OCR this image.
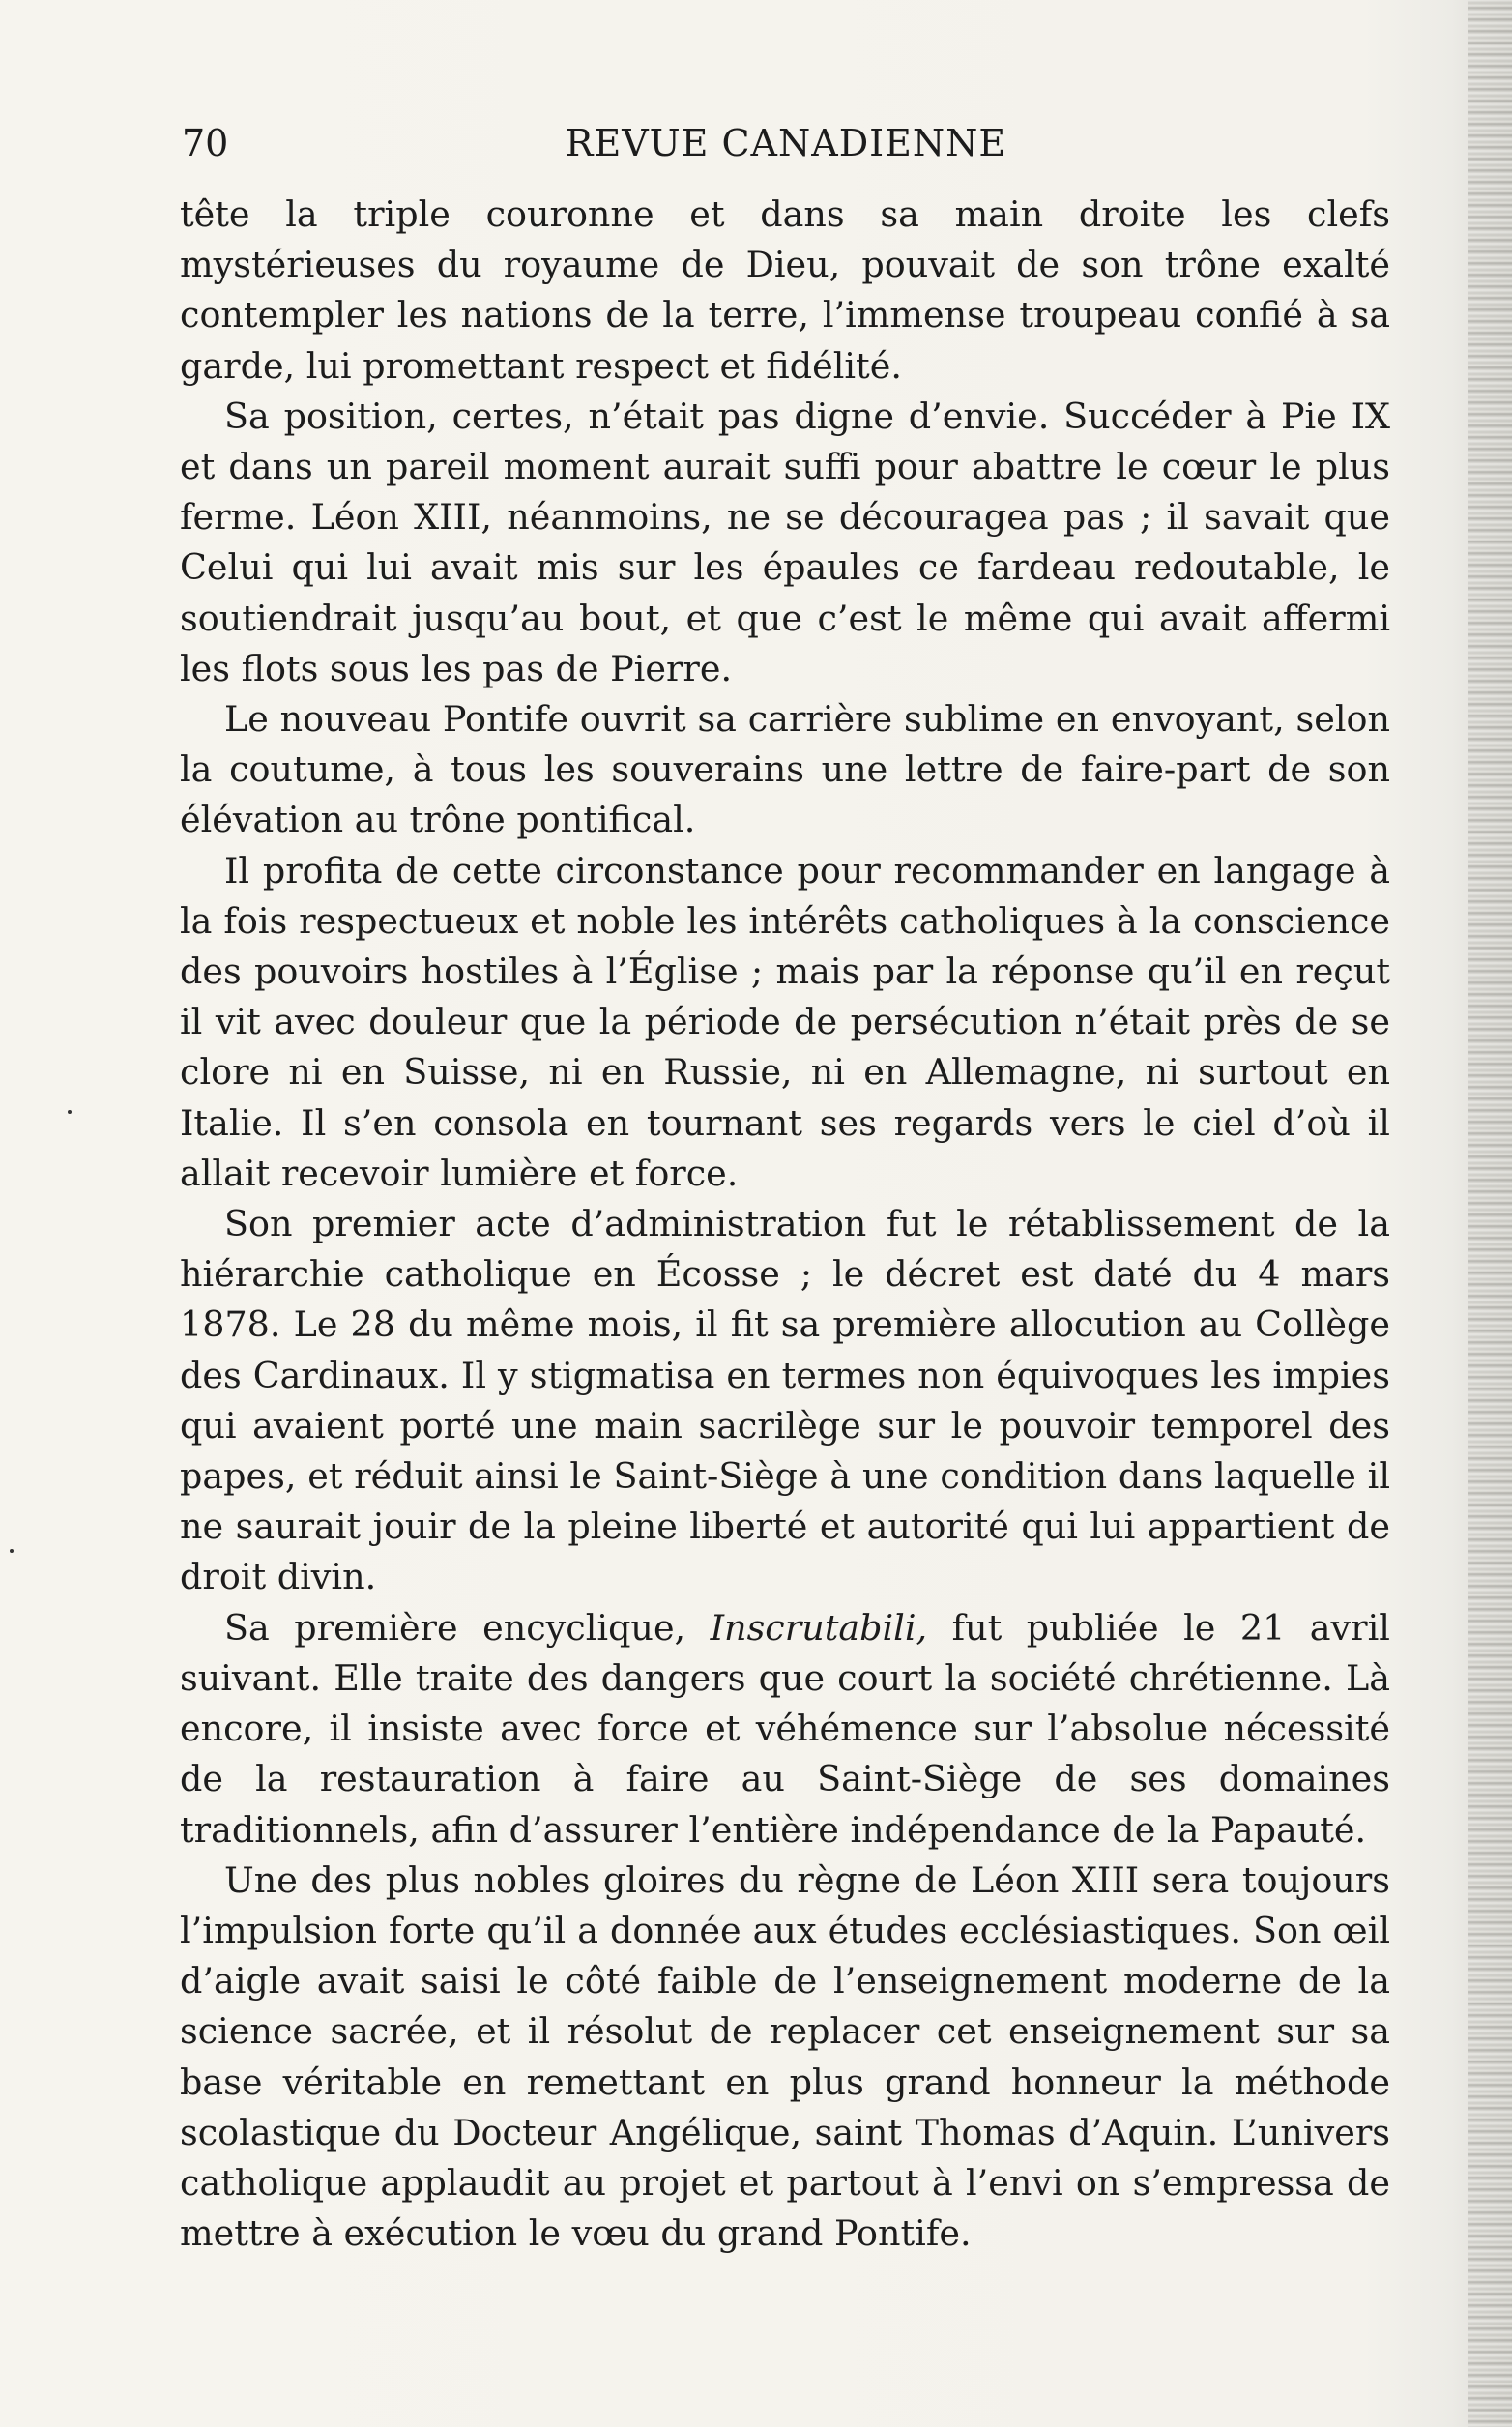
70	REVUE CANADIENNE

tête la triple couronne et dans sa main droite les clefs mystérieuses du royaume de Dieu, pouvait de son trône exalté contempler les nations de la terre, l’immense troupeau confié à sa garde, lui promettant respect et fidélité.

Sa position, certes, n’était pas digne d’envie. Succéder à Pie IX et dans un pareil moment aurait suffi pour abattre le cœur le plus ferme. Léon XIII, néanmoins, ne se découragea pas ; il savait que Celui qui lui avait mis sur les épaules ce fardeau redoutable, le soutiendrait jusqu’au bout, et que c’est le même qui avait affermi les flots sous les pas de Pierre.

Le nouveau Pontife ouvrit sa carrière sublime en envoyant, selon la coutume, à tous les souverains une lettre de faire-part de son élévation au trône pontifical.

Il profita de cette circonstance pour recommander en langage à la fois respectueux et noble les intérêts catholiques à la conscience des pouvoirs hostiles à l’Église ; mais par la réponse qu’il en reçut il vit avec douleur que la période de persécution n’était près de se clore ni en Suisse, ni en Russie, ni en Allemagne, ni surtout en Italie. Il s’en consola en tournant ses regards vers le ciel d’où il allait recevoir lumière et force.

Son premier acte d’administration fut le rétablissement de la hiérarchie catholique en Écosse ; le décret est daté du 4 mars 1878. Le 28 du même mois, il fit sa première allocution au Collège des Cardinaux. Il y stigmatisa en termes non équivoques les impies qui avaient porté une main sacrilège sur le pouvoir temporel des papes, et réduit ainsi le Saint-Siège à une condition dans laquelle il ne saurait jouir de la pleine liberté et autorité qui lui appartient de droit divin.

Sa première encyclique, Inscrutabili, fut publiée le 21 avril suivant. Elle traite des dangers que court la société chrétienne. Là encore, il insiste avec force et véhémence sur l’absolue nécessité de la restauration à faire au Saint-Siège de ses domaines traditionnels, afin d’assurer l’entière indépendance de la Papauté.

Une des plus nobles gloires du règne de Léon XIII sera toujours l’impulsion forte qu’il a donnée aux études ecclésiastiques. Son œil d’aigle avait saisi le côté faible de l’enseignement moderne de la science sacrée, et il résolut de replacer cet enseignement sur sa base véritable en remettant en plus grand honneur la méthode scolastique du Docteur Angélique, saint Thomas d’Aquin. L’univers catholique applaudit au projet et partout à l’envi on s’empressa de mettre à exécution le vœu du grand Pontife.
